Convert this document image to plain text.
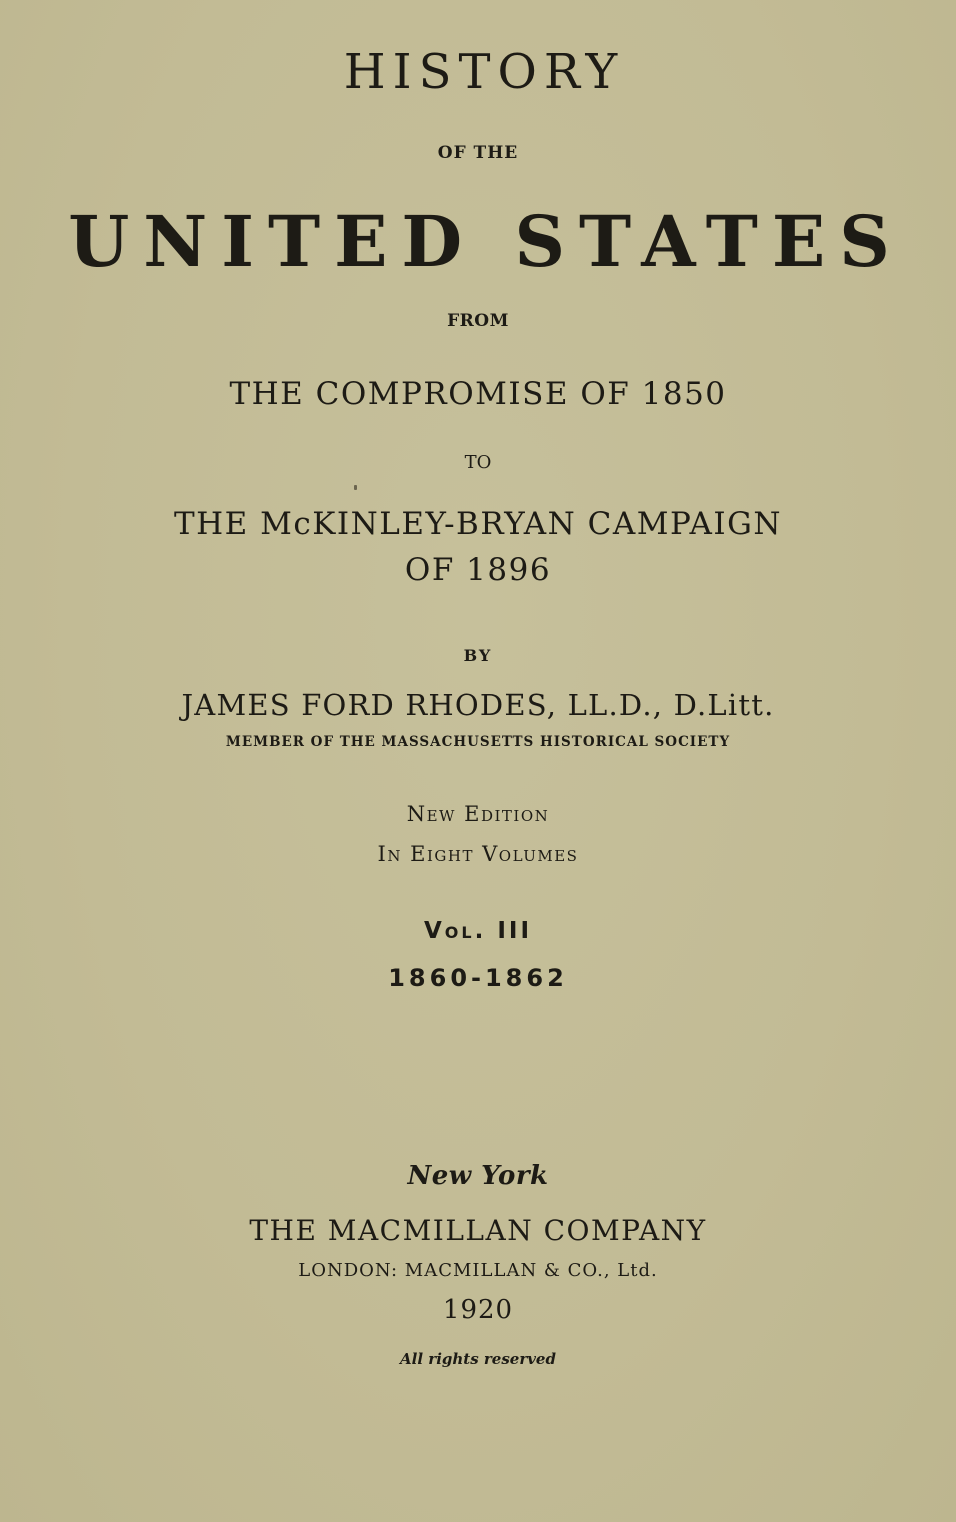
HISTORY

OF THE

UNITED STATES

FROM

THE COMPROMISE OF 1850

TO

THE McKINLEY-BRYAN CAMPAIGN

OF 1896

BY

JAMES FORD RHODES, LL.D., D.Litt.

MEMBER OF THE MASSACHUSETTS HISTORICAL SOCIETY

New Edition

In Eight Volumes

Vol. III

1860-1862

New York

THE MACMILLAN COMPANY

LONDON: MACMILLAN & CO., Ltd.

1920

All rights reserved
